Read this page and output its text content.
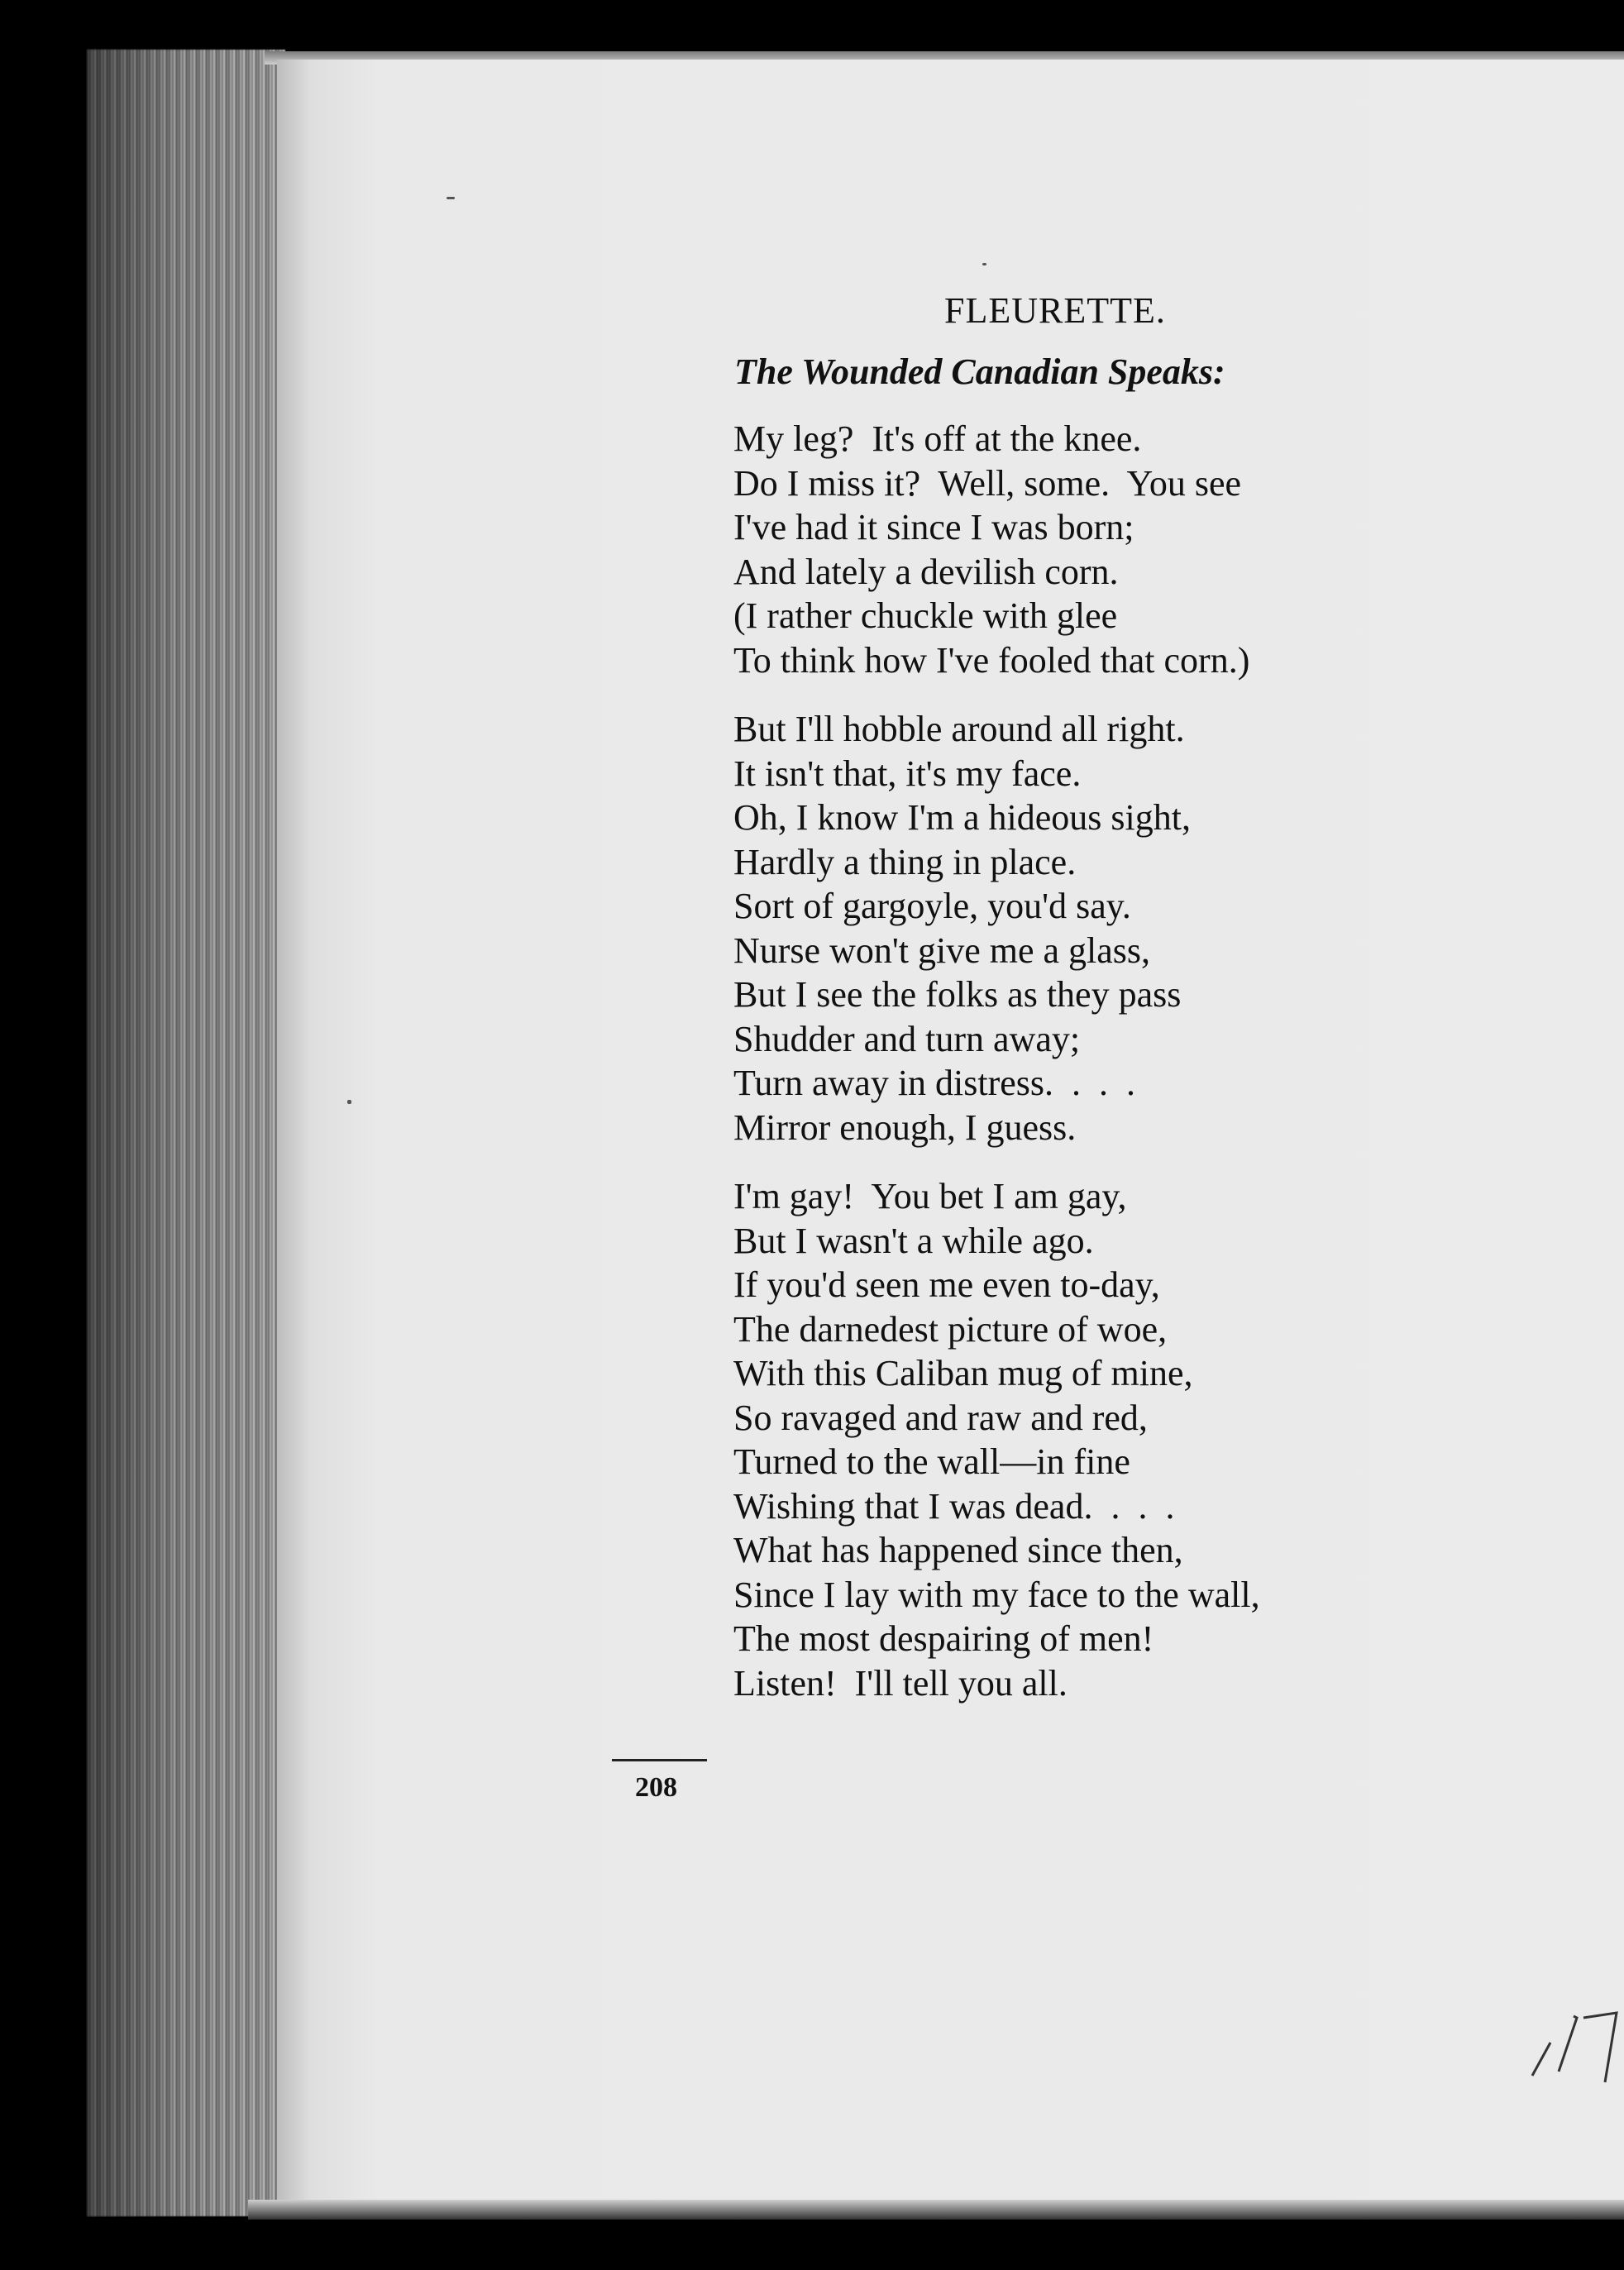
FLEURETTE.
The Wounded Canadian Speaks:
My leg?  It's off at the knee.
Do I miss it?  Well, some.  You see
I've had it since I was born;
And lately a devilish corn.
(I rather chuckle with glee
To think how I've fooled that corn.)
But I'll hobble around all right.
It isn't that, it's my face.
Oh, I know I'm a hideous sight,
Hardly a thing in place.
Sort of gargoyle, you'd say.
Nurse won't give me a glass,
But I see the folks as they pass
Shudder and turn away;
Turn away in distress.  .  .  .
Mirror enough, I guess.
I'm gay!  You bet I am gay,
But I wasn't a while ago.
If you'd seen me even to-day,
The darnedest picture of woe,
With this Caliban mug of mine,
So ravaged and raw and red,
Turned to the wall—in fine
Wishing that I was dead.  .  .  .
What has happened since then,
Since I lay with my face to the wall,
The most despairing of men!
Listen!  I'll tell you all.
208
